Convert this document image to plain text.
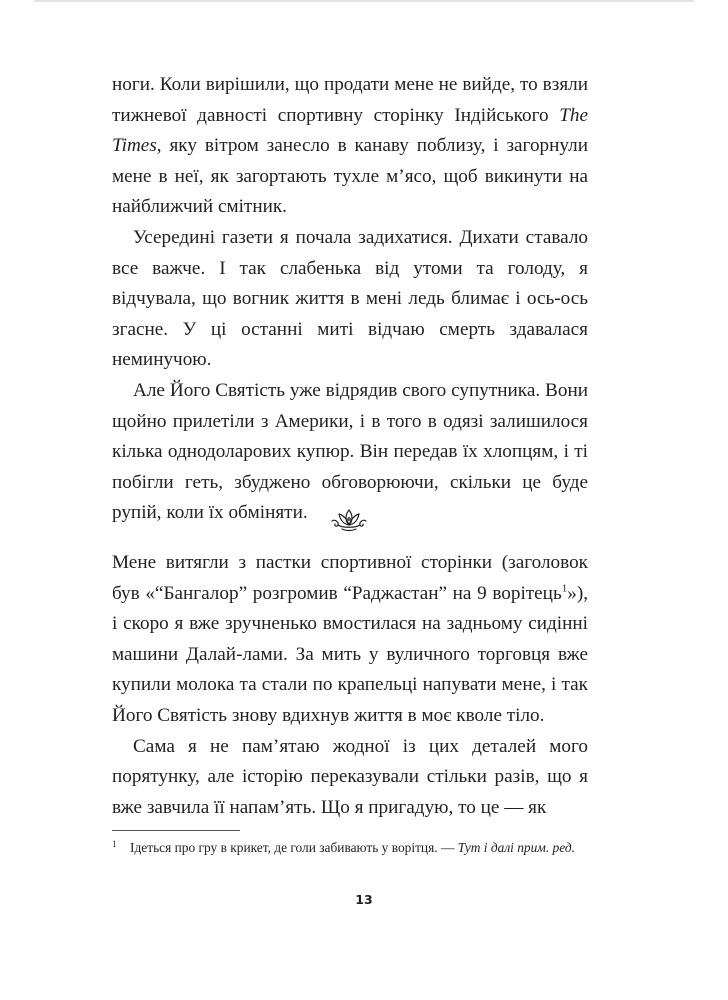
ноги. Коли вирішили, що продати мене не вийде, то взяли тижневої давності спортивну сторінку Індійського The Times, яку вітром занесло в канаву поблизу, і загорнули мене в неї, як загортають тухле м’ясо, щоб викинути на найближчий смітник.

Усередині газети я почала задихатися. Дихати ставало все важче. І так слабенька від утоми та голоду, я відчувала, що вогник життя в мені ледь блимає і ось-ось згасне. У ці останні миті відчаю смерть здавалася неминучою.

Але Його Святість уже відрядив свого супутника. Вони щойно прилетіли з Америки, і в того в одязі залишилося кілька однодоларових купюр. Він передав їх хлопцям, і ті побігли геть, збуджено обговорюючи, скільки це буде рупій, коли їх обміняти.

Мене витягли з пастки спортивної сторінки (заголовок був «“Бангалор” розгромив “Раджастан” на 9 ворітець$^1$»), і скоро я вже зручненько вмостилася на задньому сидінні машини Далай-лами. За мить у вуличного торговця вже купили молока та стали по крапельці напувати мене, і так Його Святість знову вдихнув життя в моє кволе тіло.

Сама я не пам’ятаю жодної із цих деталей мого порятунку, але історію переказували стільки разів, що я вже завчила її напам’ять. Що я пригадую, то це — як

1 Ідеться про гру в крикет, де голи забивають у ворітця. — Тут і далі прим. ред.
13
